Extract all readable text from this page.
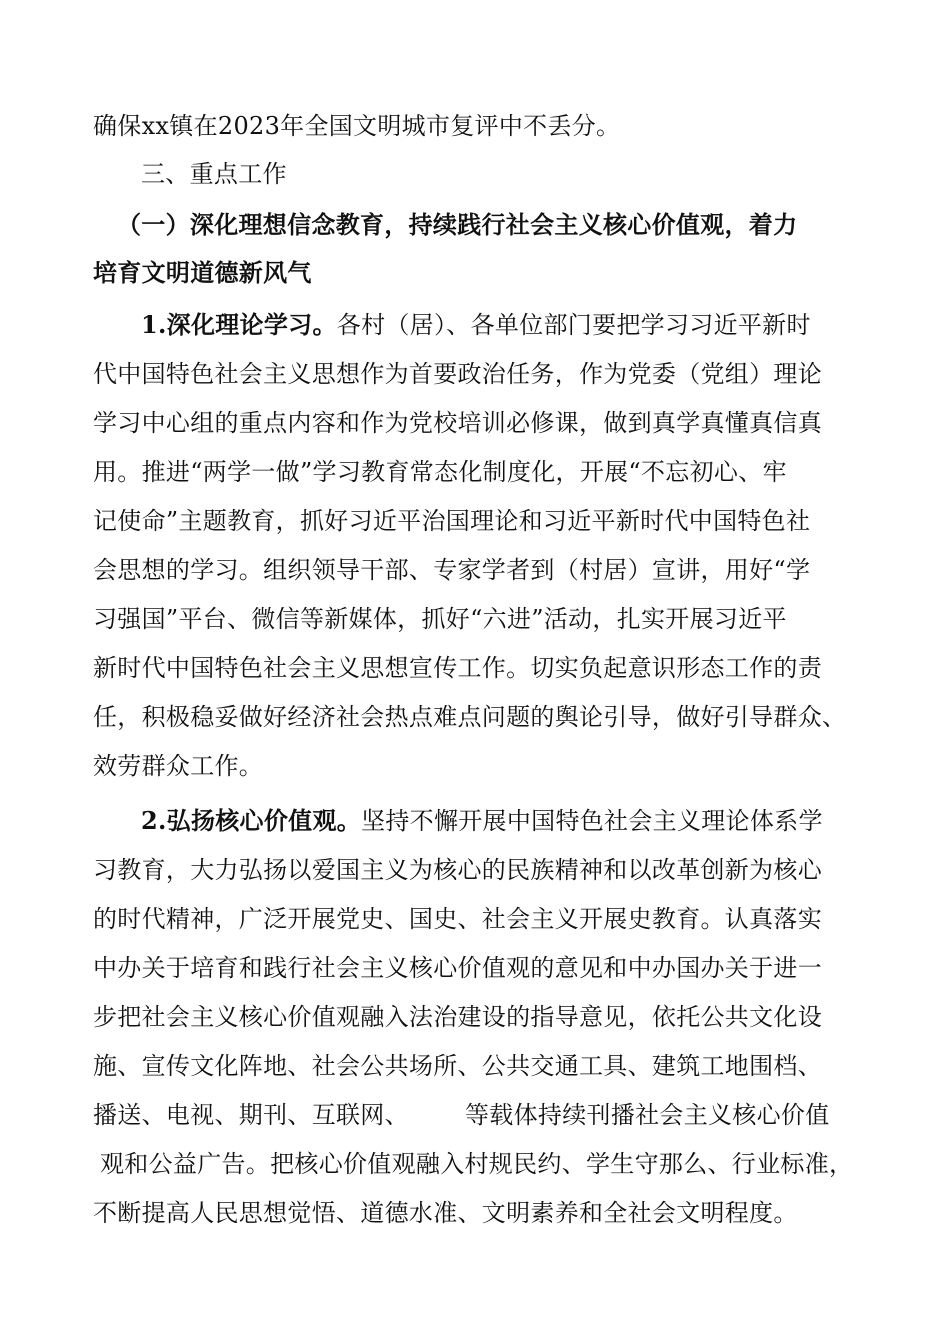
确保xx镇在2023年全国文明城市复评中不丢分。
三、重点工作
（一）深化理想信念教育，持续践行社会主义核心价值观，着力
培育文明道德新风气
1.深化理论学习。各村（居）、各单位部门要把学习习近平新时
代中国特色社会主义思想作为首要政治任务，作为党委（党组）理论
学习中心组的重点内容和作为党校培训必修课，做到真学真懂真信真
用。推进“两学一做”学习教育常态化制度化，开展“不忘初心、牢
记使命”主题教育，抓好习近平治国理论和习近平新时代中国特色社
会思想的学习。组织领导干部、专家学者到（村居）宣讲，用好“学
习强国”平台、微信等新媒体，抓好“六进”活动，扎实开展习近平
新时代中国特色社会主义思想宣传工作。切实负起意识形态工作的责
任，积极稳妥做好经济社会热点难点问题的舆论引导，做好引导群众、
效劳群众工作。
2.弘扬核心价值观。坚持不懈开展中国特色社会主义理论体系学
习教育，大力弘扬以爱国主义为核心的民族精神和以改革创新为核心
的时代精神，广泛开展党史、国史、社会主义开展史教育。认真落实
中办关于培育和践行社会主义核心价值观的意见和中办国办关于进一
步把社会主义核心价值观融入法治建设的指导意见，依托公共文化设
施、宣传文化阵地、社会公共场所、公共交通工具、建筑工地围档、
播送、电视、期刊、互联网、 等载体持续刊播社会主义核心价值
观和公益广告。把核心价值观融入村规民约、学生守那么、行业标准，
不断提高人民思想觉悟、道德水准、文明素养和全社会文明程度。
